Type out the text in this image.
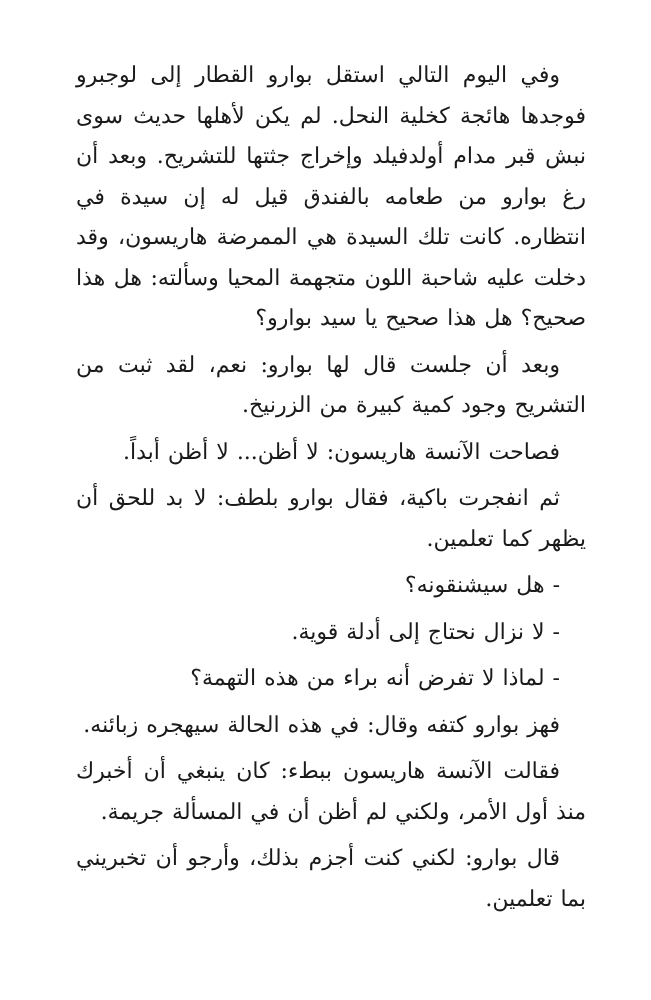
وفي اليوم التالي استقل بوارو القطار إلى لوجبرو فوجدها هائجة كخلية النحل. لم يكن لأهلها حديث سوى نبش قبر مدام أولدفيلد وإخراج جثتها للتشريح. وبعد أن رغ بوارو من طعامه بالفندق قيل له إن سيدة في انتظاره. كانت تلك السيدة هي الممرضة هاريسون، وقد دخلت عليه شاحبة اللون متجهمة المحيا وسألته: هل هذا صحيح؟ هل هذا صحيح يا سيد بوارو؟

وبعد أن جلست قال لها بوارو: نعم، لقد ثبت من التشريح وجود كمية كبيرة من الزرنيخ.

فصاحت الآنسة هاريسون: لا أظن... لا أظن أبداً.

ثم انفجرت باكية، فقال بوارو بلطف: لا بد للحق أن يظهر كما تعلمين.

- هل سيشنقونه؟

- لا نزال نحتاج إلى أدلة قوية.

- لماذا لا تفرض أنه براء من هذه التهمة؟

فهز بوارو كتفه وقال: في هذه الحالة سيهجره زبائنه.

فقالت الآنسة هاريسون ببطء: كان ينبغي أن أخبرك منذ أول الأمر، ولكني لم أظن أن في المسألة جريمة.

قال بوارو: لكني كنت أجزم بذلك، وأرجو أن تخبريني بما تعلمين.
